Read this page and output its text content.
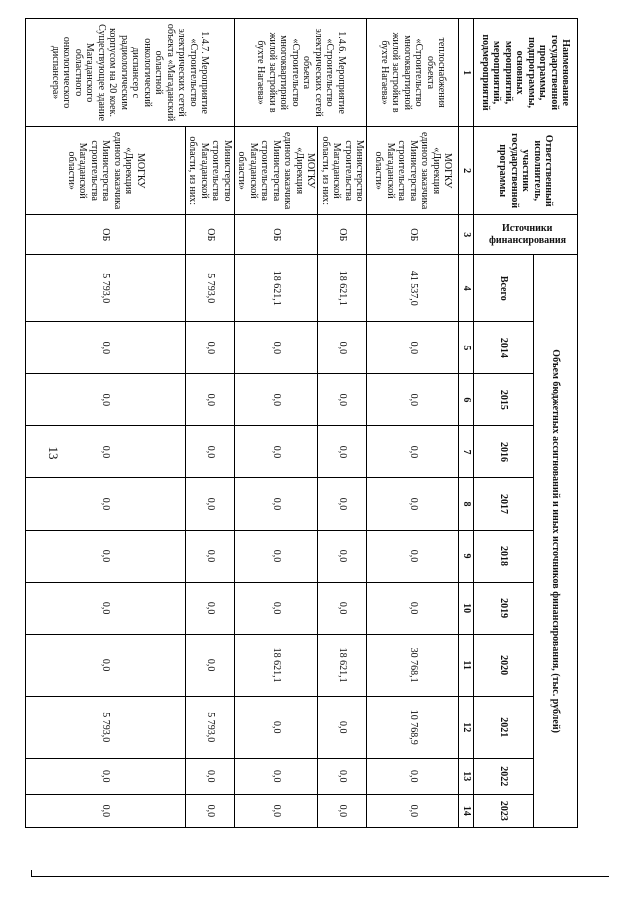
13
Наименование государственной программы, подпрограммы, основных мероприятий, мероприятий, подмероприятий	Ответственный исполнитель, участник государственной программы	Источники финансирования	Объем бюджетных ассигнований и иных источников финансирования, (тыс. рублей)										
			Всего	2014	2015	2016	2017	2018	2019	2020	2021	2022	2023
1	2	3	4	5	6	7	8	9	10	11	12	13	14
теплоснабжения объекта «Строительство многоквартирной жилой застройки в бухте Нагаева»	МОГКУ «Дирекция единого заказчика Министерства строительства Магаданской области»	ОБ	41 537,0	0,0	0,0	0,0	0,0	0,0	0,0	30 768,1	10 768,9	0,0	0,0
1.4.6. Мероприятие «Строительство электрических сетей объекта «Строительство многоквартирной жилой застройки в бухте Нагаева»	Министерство строительства Магаданской области, из них:	ОБ	18 621,1	0,0	0,0	0,0	0,0	0,0	0,0	18 621,1	0,0	0,0	0,0
	МОГКУ «Дирекция единого заказчика Министерства строительства Магаданской области»	ОБ	18 621,1	0,0	0,0	0,0	0,0	0,0	0,0	18 621,1	0,0	0,0	0,0
1.4.7. Мероприятие «Строительство электрических сетей объекта «Магаданский областной онкологический диспансер с радиологическим корпусом на 20 коек. Существующее здание Магаданского областного онкологического диспансера»	Министерство строительства Магаданской области, из них:	ОБ	5 793,0	0,0	0,0	0,0	0,0	0,0	0,0	0,0	5 793,0	0,0	0,0
	МОГКУ «Дирекция единого заказчика Министерства строительства Магаданской области»	ОБ	5 793,0	0,0	0,0	0,0	0,0	0,0	0,0	0,0	5 793,0	0,0	0,0
